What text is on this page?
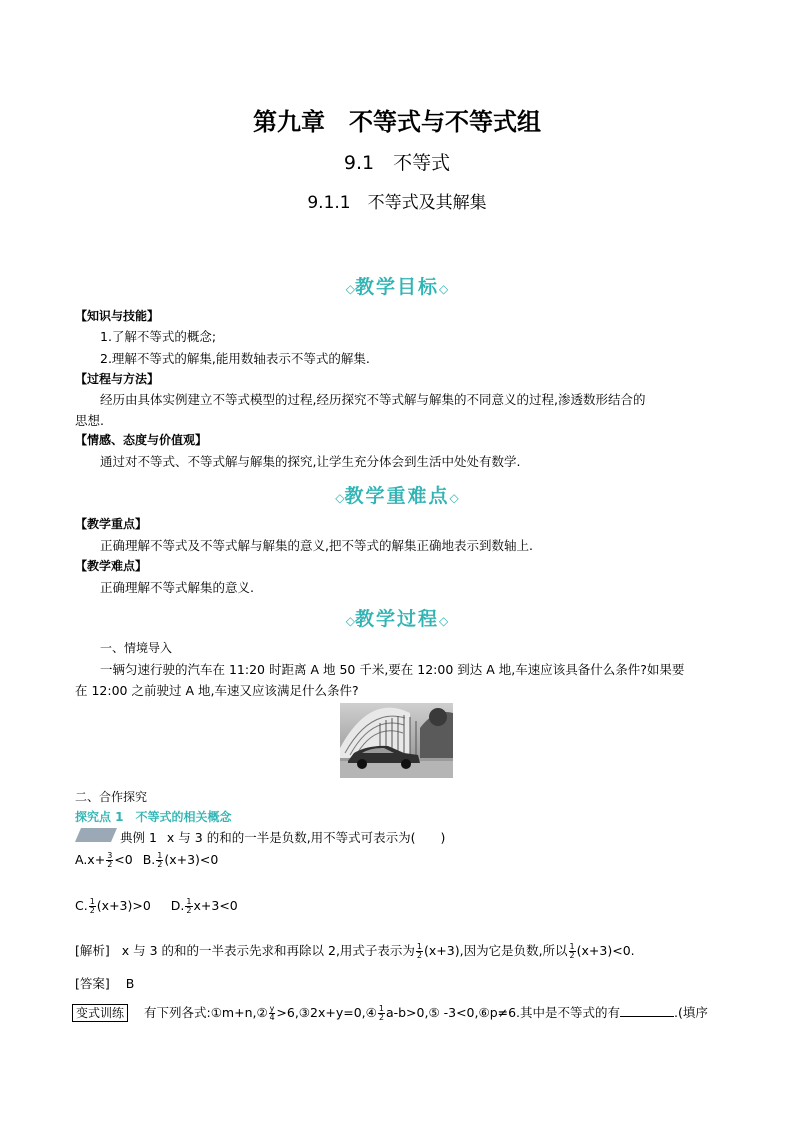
第九章　不等式与不等式组
9.1　不等式
9.1.1　不等式及其解集
◇教学目标◇
【知识与技能】
1.了解不等式的概念;
2.理解不等式的解集,能用数轴表示不等式的解集.
【过程与方法】
经历由具体实例建立不等式模型的过程,经历探究不等式解与解集的不同意义的过程,渗透数形结合的
思想.
【情感、态度与价值观】
通过对不等式、不等式解与解集的探究,让学生充分体会到生活中处处有数学.
◇教学重难点◇
【教学重点】
正确理解不等式及不等式解与解集的意义,把不等式的解集正确地表示到数轴上.
【教学难点】
正确理解不等式解集的意义.
◇教学过程◇
一、情境导入
一辆匀速行驶的汽车在 11:20 时距离 A 地 50 千米,要在 12:00 到达 A 地,车速应该具备什么条件?如果要
在 12:00 之前驶过 A 地,车速又应该满足什么条件?
二、合作探究
探究点 1　不等式的相关概念
典例 1 x 与 3 的和的一半是负数,用不等式可表示为(　　)
$A.x+ \frac{3}{2} <0$ B. $\frac{1}{2} (x+3)<0$
C. $\frac{1}{2} (x+3)>0$ D. $\frac{1}{2} x+3<0$
[解析] x 与 3 的和的一半表示先求和再除以 2,用式子表示为 $\frac{1}{2} (x+3)$,因为它是负数,所以 $\frac{1}{2} (x+3)<0$.
[答案] B
变式训练 有下列各式:①m+n,② $\frac{y}{4}$ >6,③2x+y=0,④ $\frac{1}{2}$ a-b>0,⑤ -3<0,⑥p≠6.其中是不等式的有	.(填序
